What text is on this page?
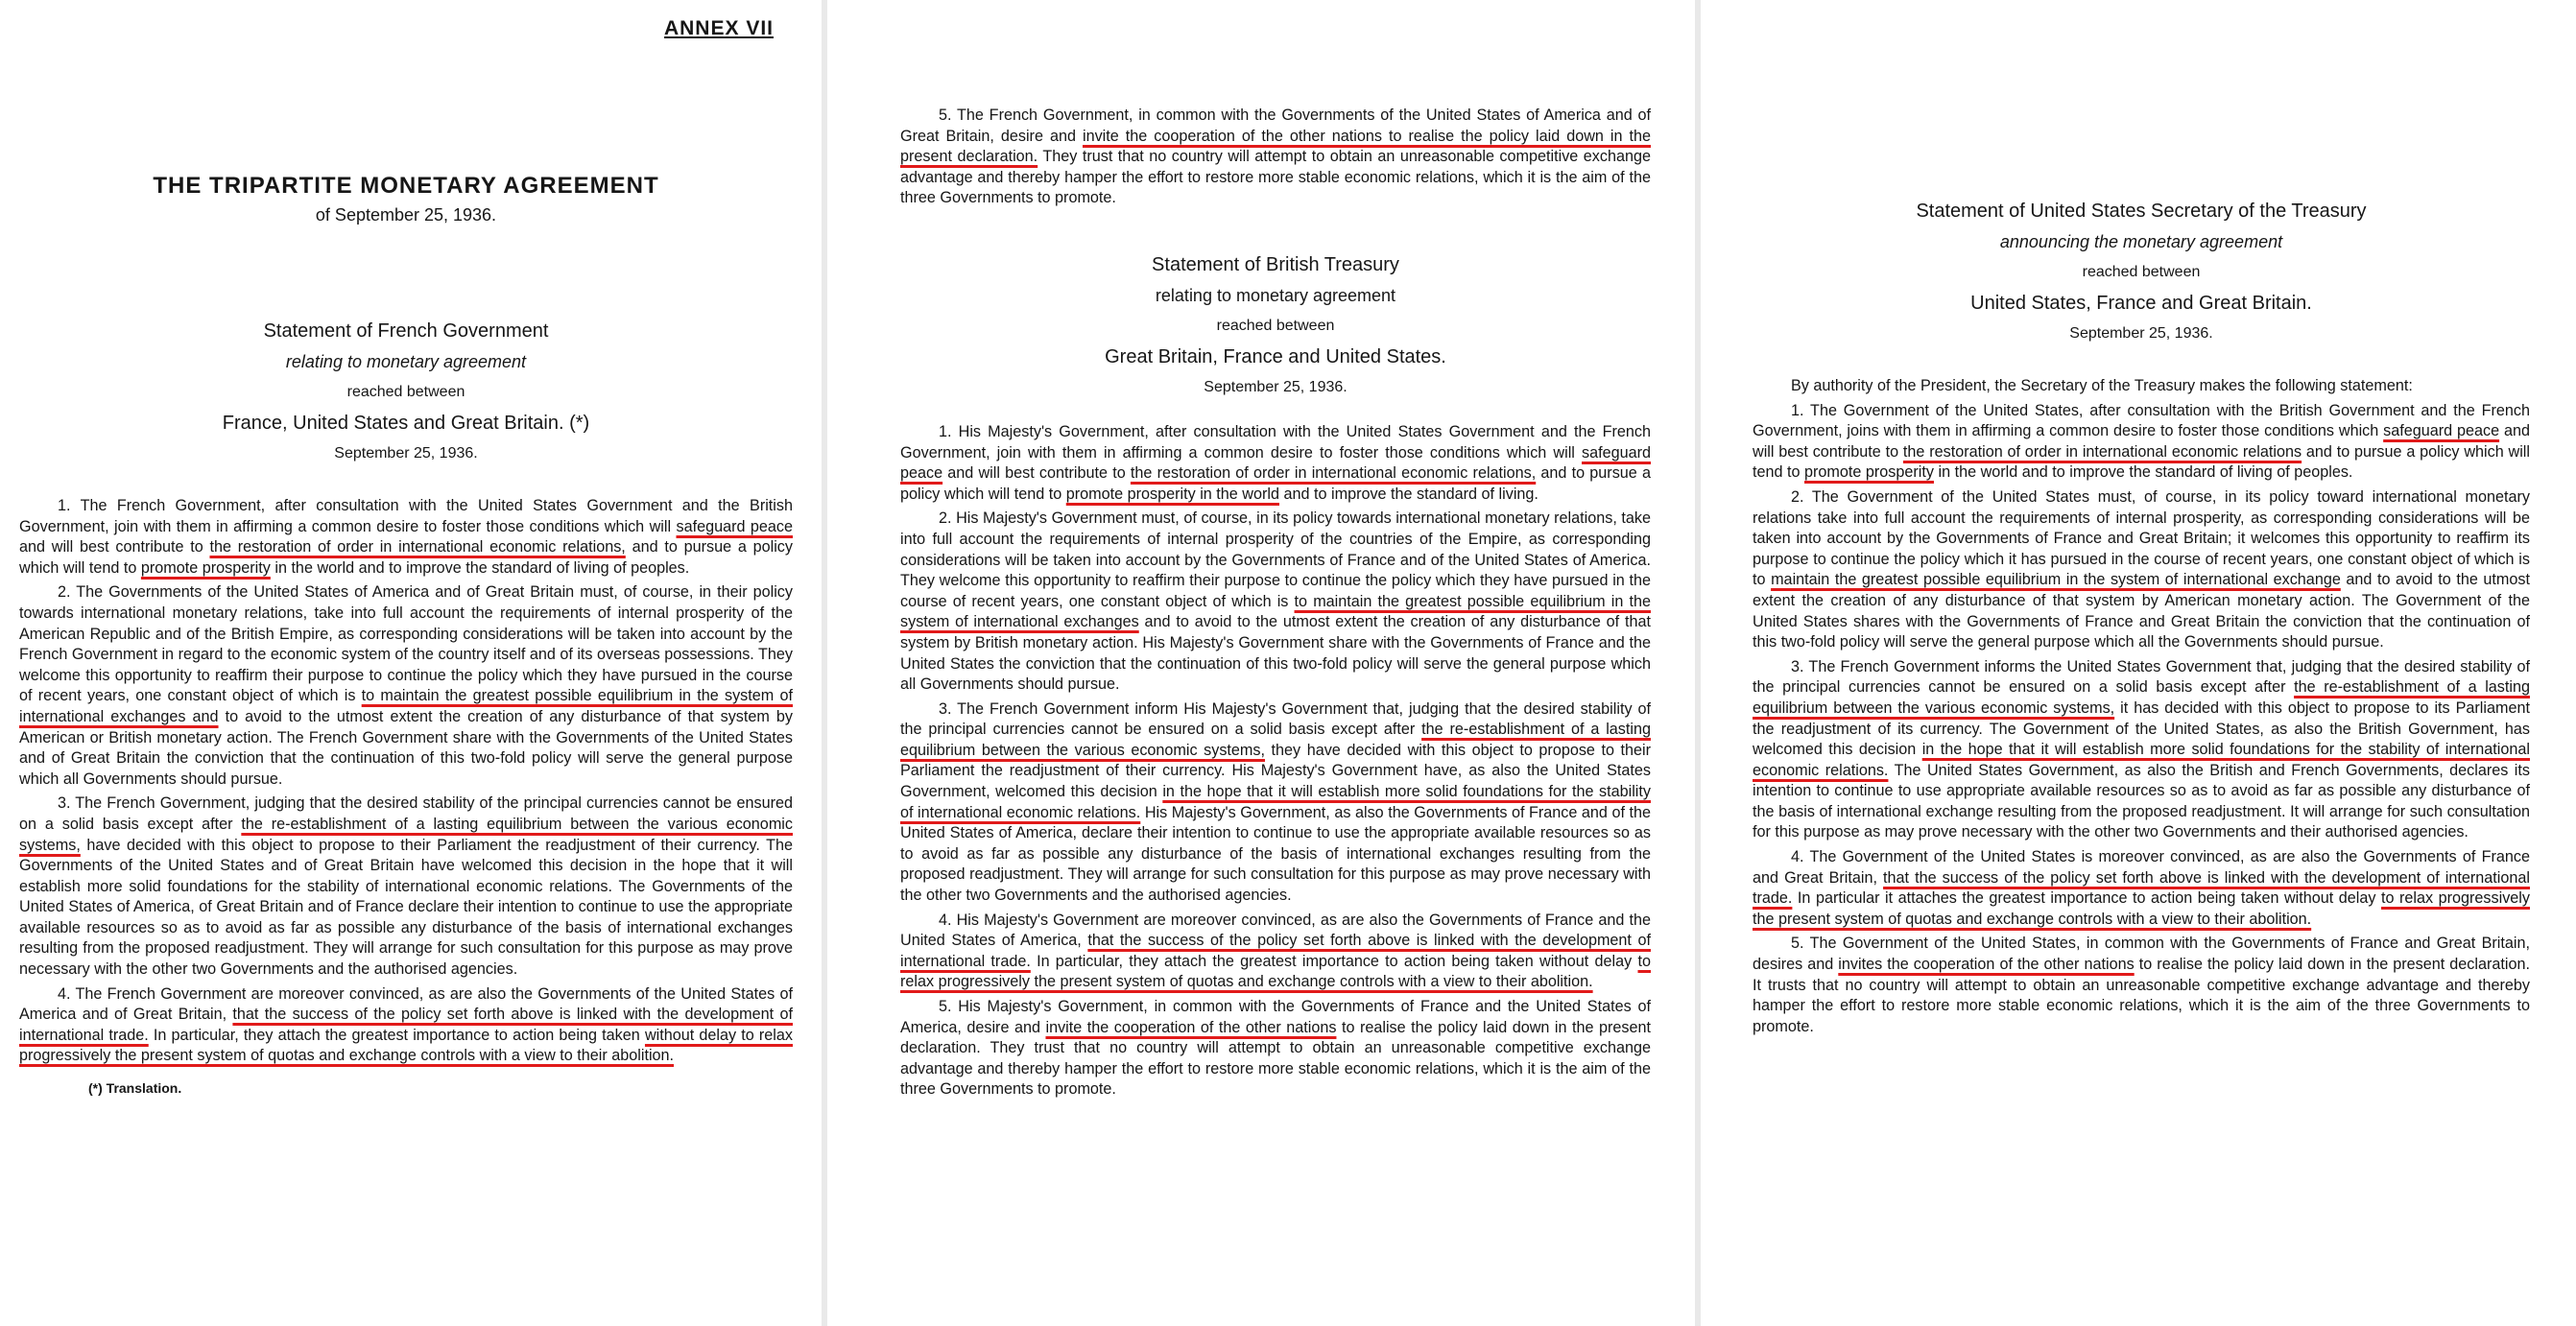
ANNEX VII
THE TRIPARTITE MONETARY AGREEMENT
of September 25, 1936.
Statement of French Government
relating to monetary agreement
reached between
France, United States and Great Britain. (*)
September 25, 1936.

1. The French Government, after consultation with the United States Government and the British Government, join with them in affirming a common desire to foster those conditions which will safeguard peace and will best contribute to the restoration of order in international economic relations, and to pursue a policy which will tend to promote prosperity in the world and to improve the standard of living of peoples.

2. The Governments of the United States of America and of Great Britain must, of course, in their policy towards international monetary relations, take into full account the requirements of internal prosperity of the American Republic and of the British Empire, as corresponding considerations will be taken into account by the French Government in regard to the economic system of the country itself and of its overseas possessions. They welcome this opportunity to reaffirm their purpose to continue the policy which they have pursued in the course of recent years, one constant object of which is to maintain the greatest possible equilibrium in the system of international exchanges and to avoid to the utmost extent the creation of any disturbance of that system by American or British monetary action. The French Government share with the Governments of the United States and of Great Britain the conviction that the continuation of this two-fold policy will serve the general purpose which all Governments should pursue.

3. The French Government, judging that the desired stability of the principal currencies cannot be ensured on a solid basis except after the re-establishment of a lasting equilibrium between the various economic systems, have decided with this object to propose to their Parliament the readjustment of their currency. The Governments of the United States and of Great Britain have welcomed this decision in the hope that it will establish more solid foundations for the stability of international economic relations. The Governments of the United States of America, of Great Britain and of France declare their intention to continue to use the appropriate available resources so as to avoid as far as possible any disturbance of the basis of international exchanges resulting from the proposed readjustment. They will arrange for such consultation for this purpose as may prove necessary with the other two Governments and the authorised agencies.

4. The French Government are moreover convinced, as are also the Governments of the United States of America and of Great Britain, that the success of the policy set forth above is linked with the development of international trade. In particular, they attach the greatest importance to action being taken without delay to relax progressively the present system of quotas and exchange controls with a view to their abolition.

(*) Translation.

5. The French Government, in common with the Governments of the United States of America and of Great Britain, desire and invite the cooperation of the other nations to realise the policy laid down in the present declaration. They trust that no country will attempt to obtain an unreasonable competitive exchange advantage and thereby hamper the effort to restore more stable economic relations, which it is the aim of the three Governments to promote.

Statement of British Treasury
relating to monetary agreement
reached between
Great Britain, France and United States.
September 25, 1936.

1. His Majesty's Government, after consultation with the United States Government and the French Government, join with them in affirming a common desire to foster those conditions which will safeguard peace and will best contribute to the restoration of order in international economic relations, and to pursue a policy which will tend to promote prosperity in the world and to improve the standard of living.

2. His Majesty's Government must, of course, in its policy towards international monetary relations, take into full account the requirements of internal prosperity of the countries of the Empire, as corresponding considerations will be taken into account by the Governments of France and of the United States of America. They welcome this opportunity to reaffirm their purpose to continue the policy which they have pursued in the course of recent years, one constant object of which is to maintain the greatest possible equilibrium in the system of international exchanges and to avoid to the utmost extent the creation of any disturbance of that system by British monetary action. His Majesty's Government share with the Governments of France and the United States the conviction that the continuation of this two-fold policy will serve the general purpose which all Governments should pursue.

3. The French Government inform His Majesty's Government that, judging that the desired stability of the principal currencies cannot be ensured on a solid basis except after the re-establishment of a lasting equilibrium between the various economic systems, they have decided with this object to propose to their Parliament the readjustment of their currency. His Majesty's Government have, as also the United States Government, welcomed this decision in the hope that it will establish more solid foundations for the stability of international economic relations. His Majesty's Government, as also the Governments of France and of the United States of America, declare their intention to continue to use the appropriate available resources so as to avoid as far as possible any disturbance of the basis of international exchanges resulting from the proposed readjustment. They will arrange for such consultation for this purpose as may prove necessary with the other two Governments and the authorised agencies.

4. His Majesty's Government are moreover convinced, as are also the Governments of France and the United States of America, that the success of the policy set forth above is linked with the development of international trade. In particular, they attach the greatest importance to action being taken without delay to relax progressively the present system of quotas and exchange controls with a view to their abolition.

5. His Majesty's Government, in common with the Governments of France and the United States of America, desire and invite the cooperation of the other nations to realise the policy laid down in the present declaration. They trust that no country will attempt to obtain an unreasonable competitive exchange advantage and thereby hamper the effort to restore more stable economic relations, which it is the aim of the three Governments to promote.

Statement of United States Secretary of the Treasury
announcing the monetary agreement
reached between
United States, France and Great Britain.
September 25, 1936.

By authority of the President, the Secretary of the Treasury makes the following statement:

1. The Government of the United States, after consultation with the British Government and the French Government, joins with them in affirming a common desire to foster those conditions which safeguard peace and will best contribute to the restoration of order in international economic relations and to pursue a policy which will tend to promote prosperity in the world and to improve the standard of living of peoples.

2. The Government of the United States must, of course, in its policy toward international monetary relations take into full account the requirements of internal prosperity, as corresponding considerations will be taken into account by the Governments of France and Great Britain; it welcomes this opportunity to reaffirm its purpose to continue the policy which it has pursued in the course of recent years, one constant object of which is to maintain the greatest possible equilibrium in the system of international exchange and to avoid to the utmost extent the creation of any disturbance of that system by American monetary action. The Government of the United States shares with the Governments of France and Great Britain the conviction that the continuation of this two-fold policy will serve the general purpose which all the Governments should pursue.

3. The French Government informs the United States Government that, judging that the desired stability of the principal currencies cannot be ensured on a solid basis except after the re-establishment of a lasting equilibrium between the various economic systems, it has decided with this object to propose to its Parliament the readjustment of its currency. The Government of the United States, as also the British Government, has welcomed this decision in the hope that it will establish more solid foundations for the stability of international economic relations. The United States Government, as also the British and French Governments, declares its intention to continue to use appropriate available resources so as to avoid as far as possible any disturbance of the basis of international exchange resulting from the proposed readjustment. It will arrange for such consultation for this purpose as may prove necessary with the other two Governments and their authorised agencies.

4. The Government of the United States is moreover convinced, as are also the Governments of France and Great Britain, that the success of the policy set forth above is linked with the development of international trade. In particular it attaches the greatest importance to action being taken without delay to relax progressively the present system of quotas and exchange controls with a view to their abolition.

5. The Government of the United States, in common with the Governments of France and Great Britain, desires and invites the cooperation of the other nations to realise the policy laid down in the present declaration. It trusts that no country will attempt to obtain an unreasonable competitive exchange advantage and thereby hamper the effort to restore more stable economic relations, which it is the aim of the three Governments to promote.
